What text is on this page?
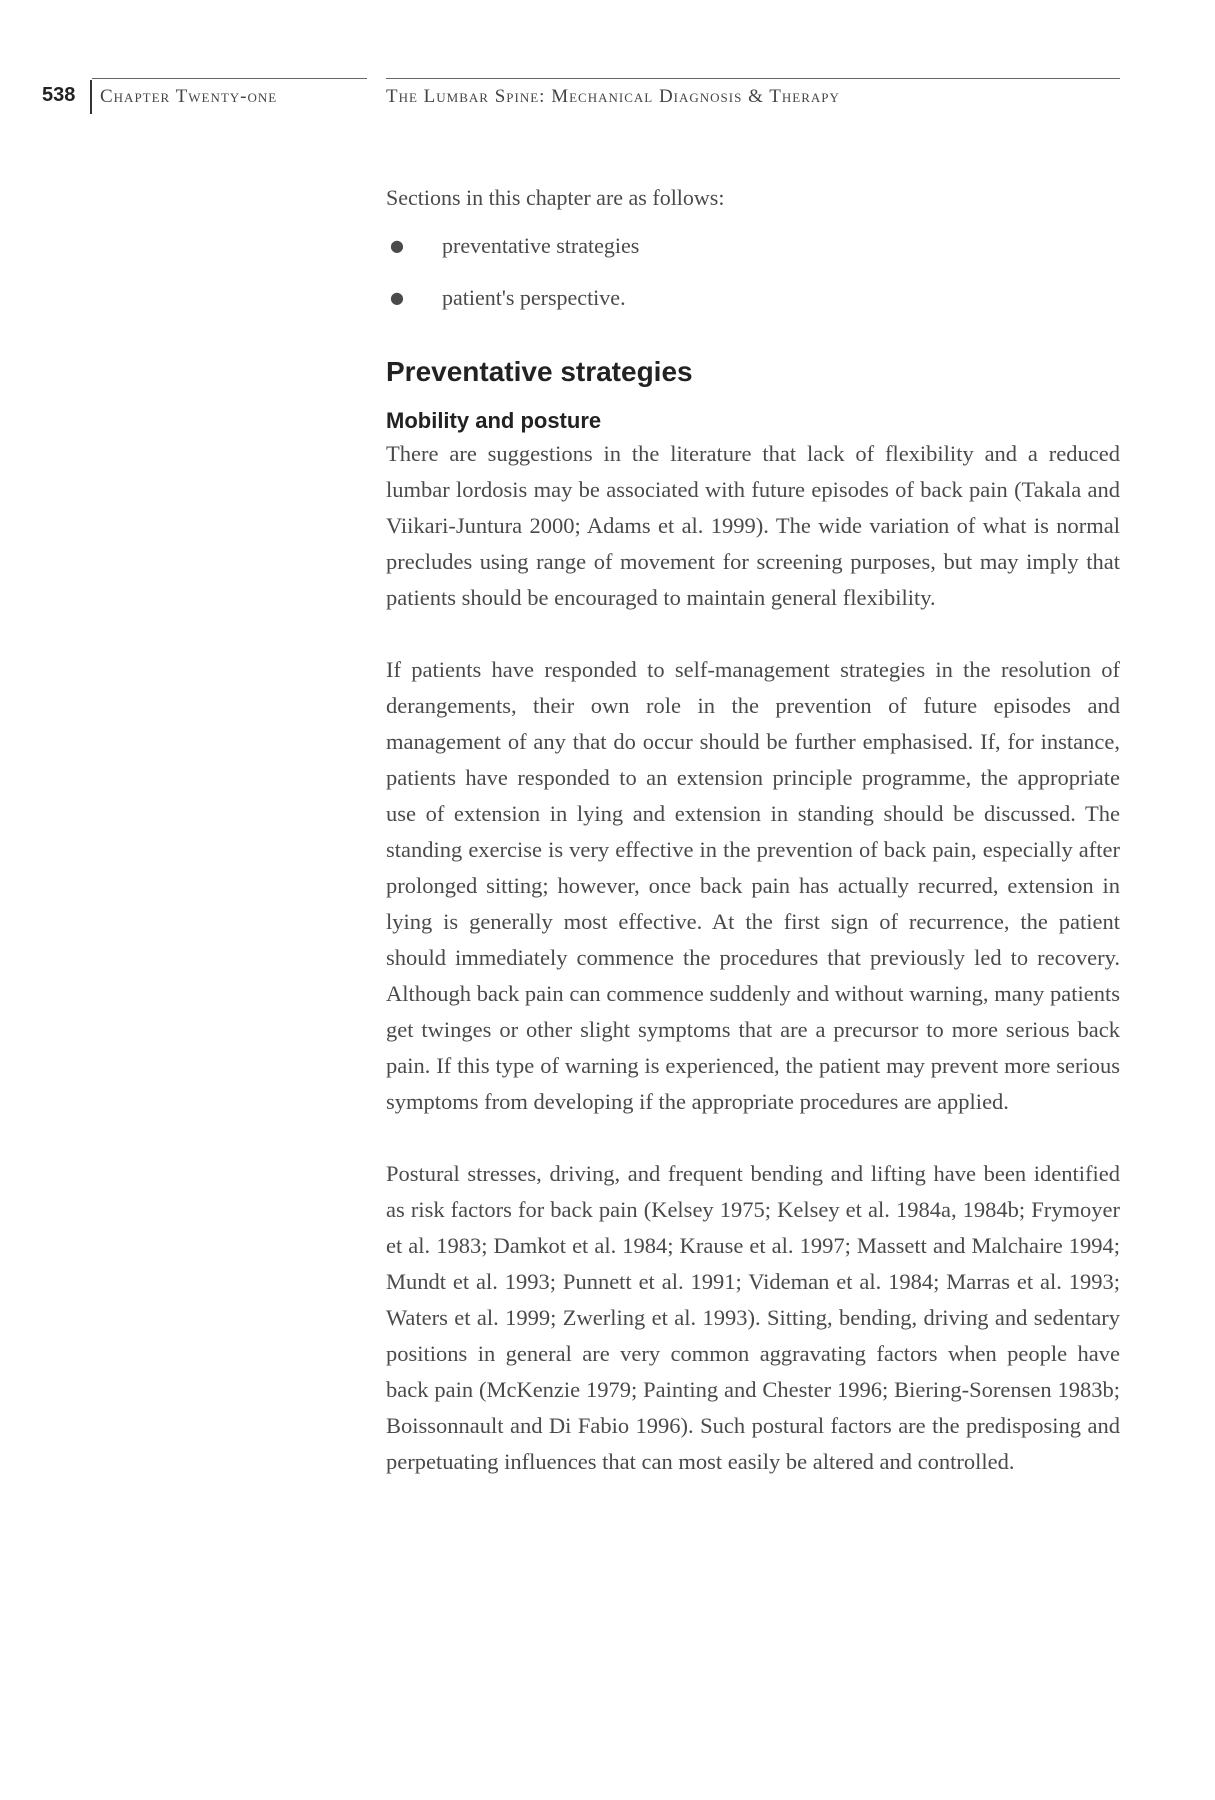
538 Chapter Twenty-one	The Lumbar Spine: Mechanical Diagnosis & Therapy

Sections in this chapter are as follows:

● preventative strategies
● patient's perspective.
Preventative strategies
Mobility and posture

There are suggestions in the literature that lack of flexibility and a reduced lumbar lordosis may be associated with future episodes of back pain (Takala and Viikari-Juntura 2000; Adams et al. 1999). The wide variation of what is normal precludes using range of movement for screening purposes, but may imply that patients should be encouraged to maintain general flexibility.

If patients have responded to self-management strategies in the resolution of derangements, their own role in the prevention of future episodes and management of any that do occur should be further emphasised. If, for instance, patients have responded to an extension principle programme, the appropriate use of extension in lying and extension in standing should be discussed. The standing exercise is very effective in the prevention of back pain, especially after prolonged sitting; however, once back pain has actually recurred, extension in lying is generally most effective. At the first sign of recurrence, the patient should immediately commence the procedures that previously led to recovery. Although back pain can commence suddenly and without warning, many patients get twinges or other slight symptoms that are a precursor to more serious back pain. If this type of warning is experienced, the patient may prevent more serious symptoms from developing if the appropriate procedures are applied.

Postural stresses, driving, and frequent bending and lifting have been identified as risk factors for back pain (Kelsey 1975; Kelsey et al. 1984a, 1984b; Frymoyer et al. 1983; Damkot et al. 1984; Krause et al. 1997; Massett and Malchaire 1994; Mundt et al. 1993; Punnett et al. 1991; Videman et al. 1984; Marras et al. 1993; Waters et al. 1999; Zwerling et al. 1993). Sitting, bending, driving and sedentary positions in general are very common aggravating factors when people have back pain (McKenzie 1979; Painting and Chester 1996; Biering-Sorensen 1983b; Boissonnault and Di Fabio 1996). Such postural factors are the predisposing and perpetuating influences that can most easily be altered and controlled.
